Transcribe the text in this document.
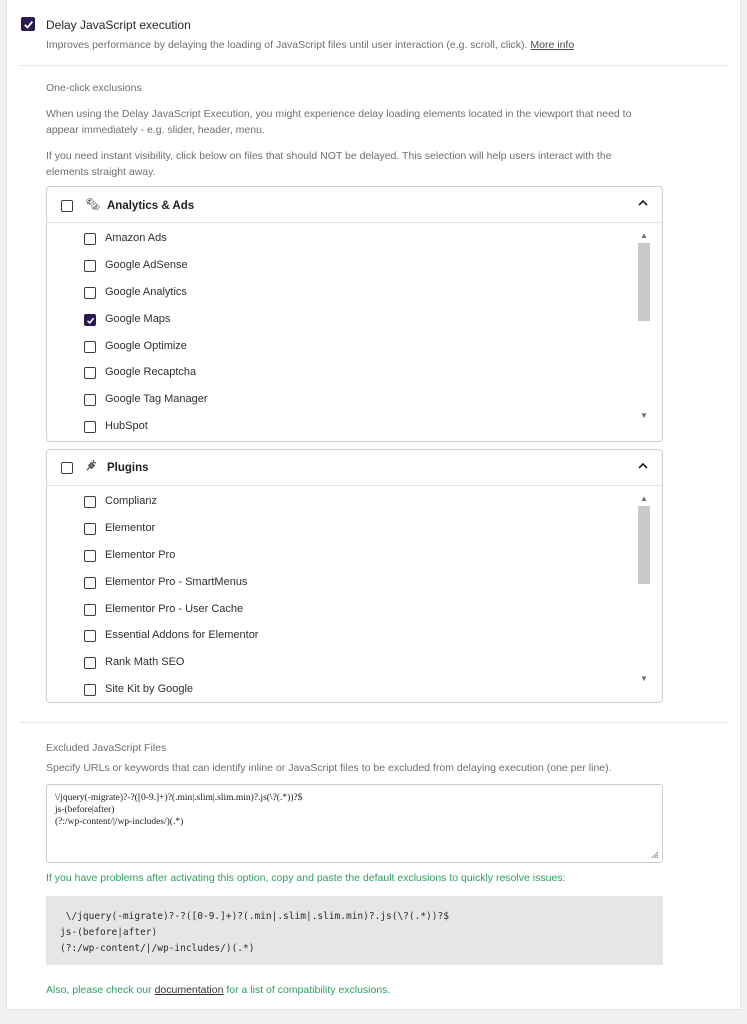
Delay JavaScript execution
Improves performance by delaying the loading of JavaScript files until user interaction (e.g. scroll, click). More info
One-click exclusions
When using the Delay JavaScript Execution, you might experience delay loading elements located in the viewport that need to appear immediately - e.g. slider, header, menu.
If you need instant visibility, click below on files that should NOT be delayed. This selection will help users interact with the elements straight away.
🗞 Analytics & Ads
Amazon Ads
Google AdSense
Google Analytics
Google Maps
Google Optimize
Google Recaptcha
Google Tag Manager
HubSpot
▲
▼
Plugins
Complianz
Elementor
Elementor Pro
Elementor Pro - SmartMenus
Elementor Pro - User Cache
Essential Addons for Elementor
Rank Math SEO
Site Kit by Google
▲
▼
Excluded JavaScript Files
Specify URLs or keywords that can identify inline or JavaScript files to be excluded from delaying execution (one per line).
\/jquery(-migrate)?-?([0-9.]+)?(.min|.slim|.slim.min)?.js(\?(.*))?$
js-(before|after)
(?:/wp-content/|/wp-includes/)(.*)
If you have problems after activating this option, copy and paste the default exclusions to quickly resolve issues:
\/jquery(-migrate)?-?([0-9.]+)?(.min|.slim|.slim.min)?.js(\?(.*))?$
js-(before|after)
(?:/wp-content/|/wp-includes/)(.*)
Also, please check our documentation for a list of compatibility exclusions.
